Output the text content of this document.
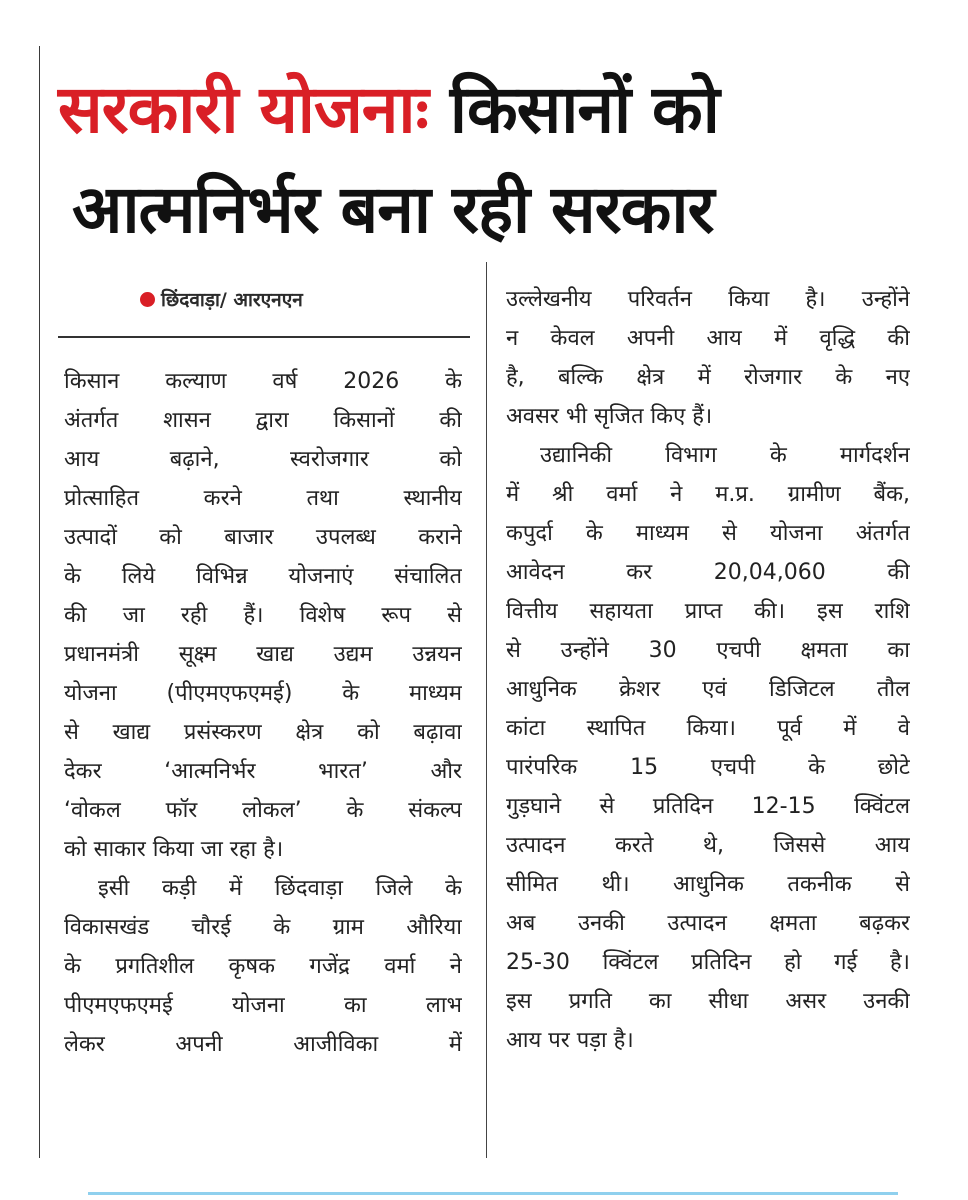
सरकारी योजनाः किसानों को
आत्मनिर्भर बना रही सरकार
छिंदवाड़ा/ आरएनएन
किसान कल्याण वर्ष 2026 के
अंतर्गत शासन द्वारा किसानों की
आय बढ़ाने, स्वरोजगार को
प्रोत्साहित करने तथा स्थानीय
उत्पादों को बाजार उपलब्ध कराने
के लिये विभिन्न योजनाएं संचालित
की जा रही हैं। विशेष रूप से
प्रधानमंत्री सूक्ष्म खाद्य उद्यम उन्नयन
योजना (पीएमएफएमई) के माध्यम
से खाद्य प्रसंस्करण क्षेत्र को बढ़ावा
देकर ‘आत्मनिर्भर भारत’ और
‘वोकल फॉर लोकल’ के संकल्प
को साकार किया जा रहा है।
इसी कड़ी में छिंदवाड़ा जिले के
विकासखंड चौरई के ग्राम औरिया
के प्रगतिशील कृषक गजेंद्र वर्मा ने
पीएमएफएमई योजना का लाभ
लेकर अपनी आजीविका में
उल्लेखनीय परिवर्तन किया है। उन्होंने
न केवल अपनी आय में वृद्धि की
है, बल्कि क्षेत्र में रोजगार के नए
अवसर भी सृजित किए हैं।
उद्यानिकी विभाग के मार्गदर्शन
में श्री वर्मा ने म.प्र. ग्रामीण बैंक,
कपुर्दा के माध्यम से योजना अंतर्गत
आवेदन कर 20,04,060 की
वित्तीय सहायता प्राप्त की। इस राशि
से उन्होंने 30 एचपी क्षमता का
आधुनिक क्रेशर एवं डिजिटल तौल
कांटा स्थापित किया। पूर्व में वे
पारंपरिक 15 एचपी के छोटे
गुड़घाने से प्रतिदिन 12-15 क्विंटल
उत्पादन करते थे, जिससे आय
सीमित थी। आधुनिक तकनीक से
अब उनकी उत्पादन क्षमता बढ़कर
25-30 क्विंटल प्रतिदिन हो गई है।
इस प्रगति का सीधा असर उनकी
आय पर पड़ा है।
